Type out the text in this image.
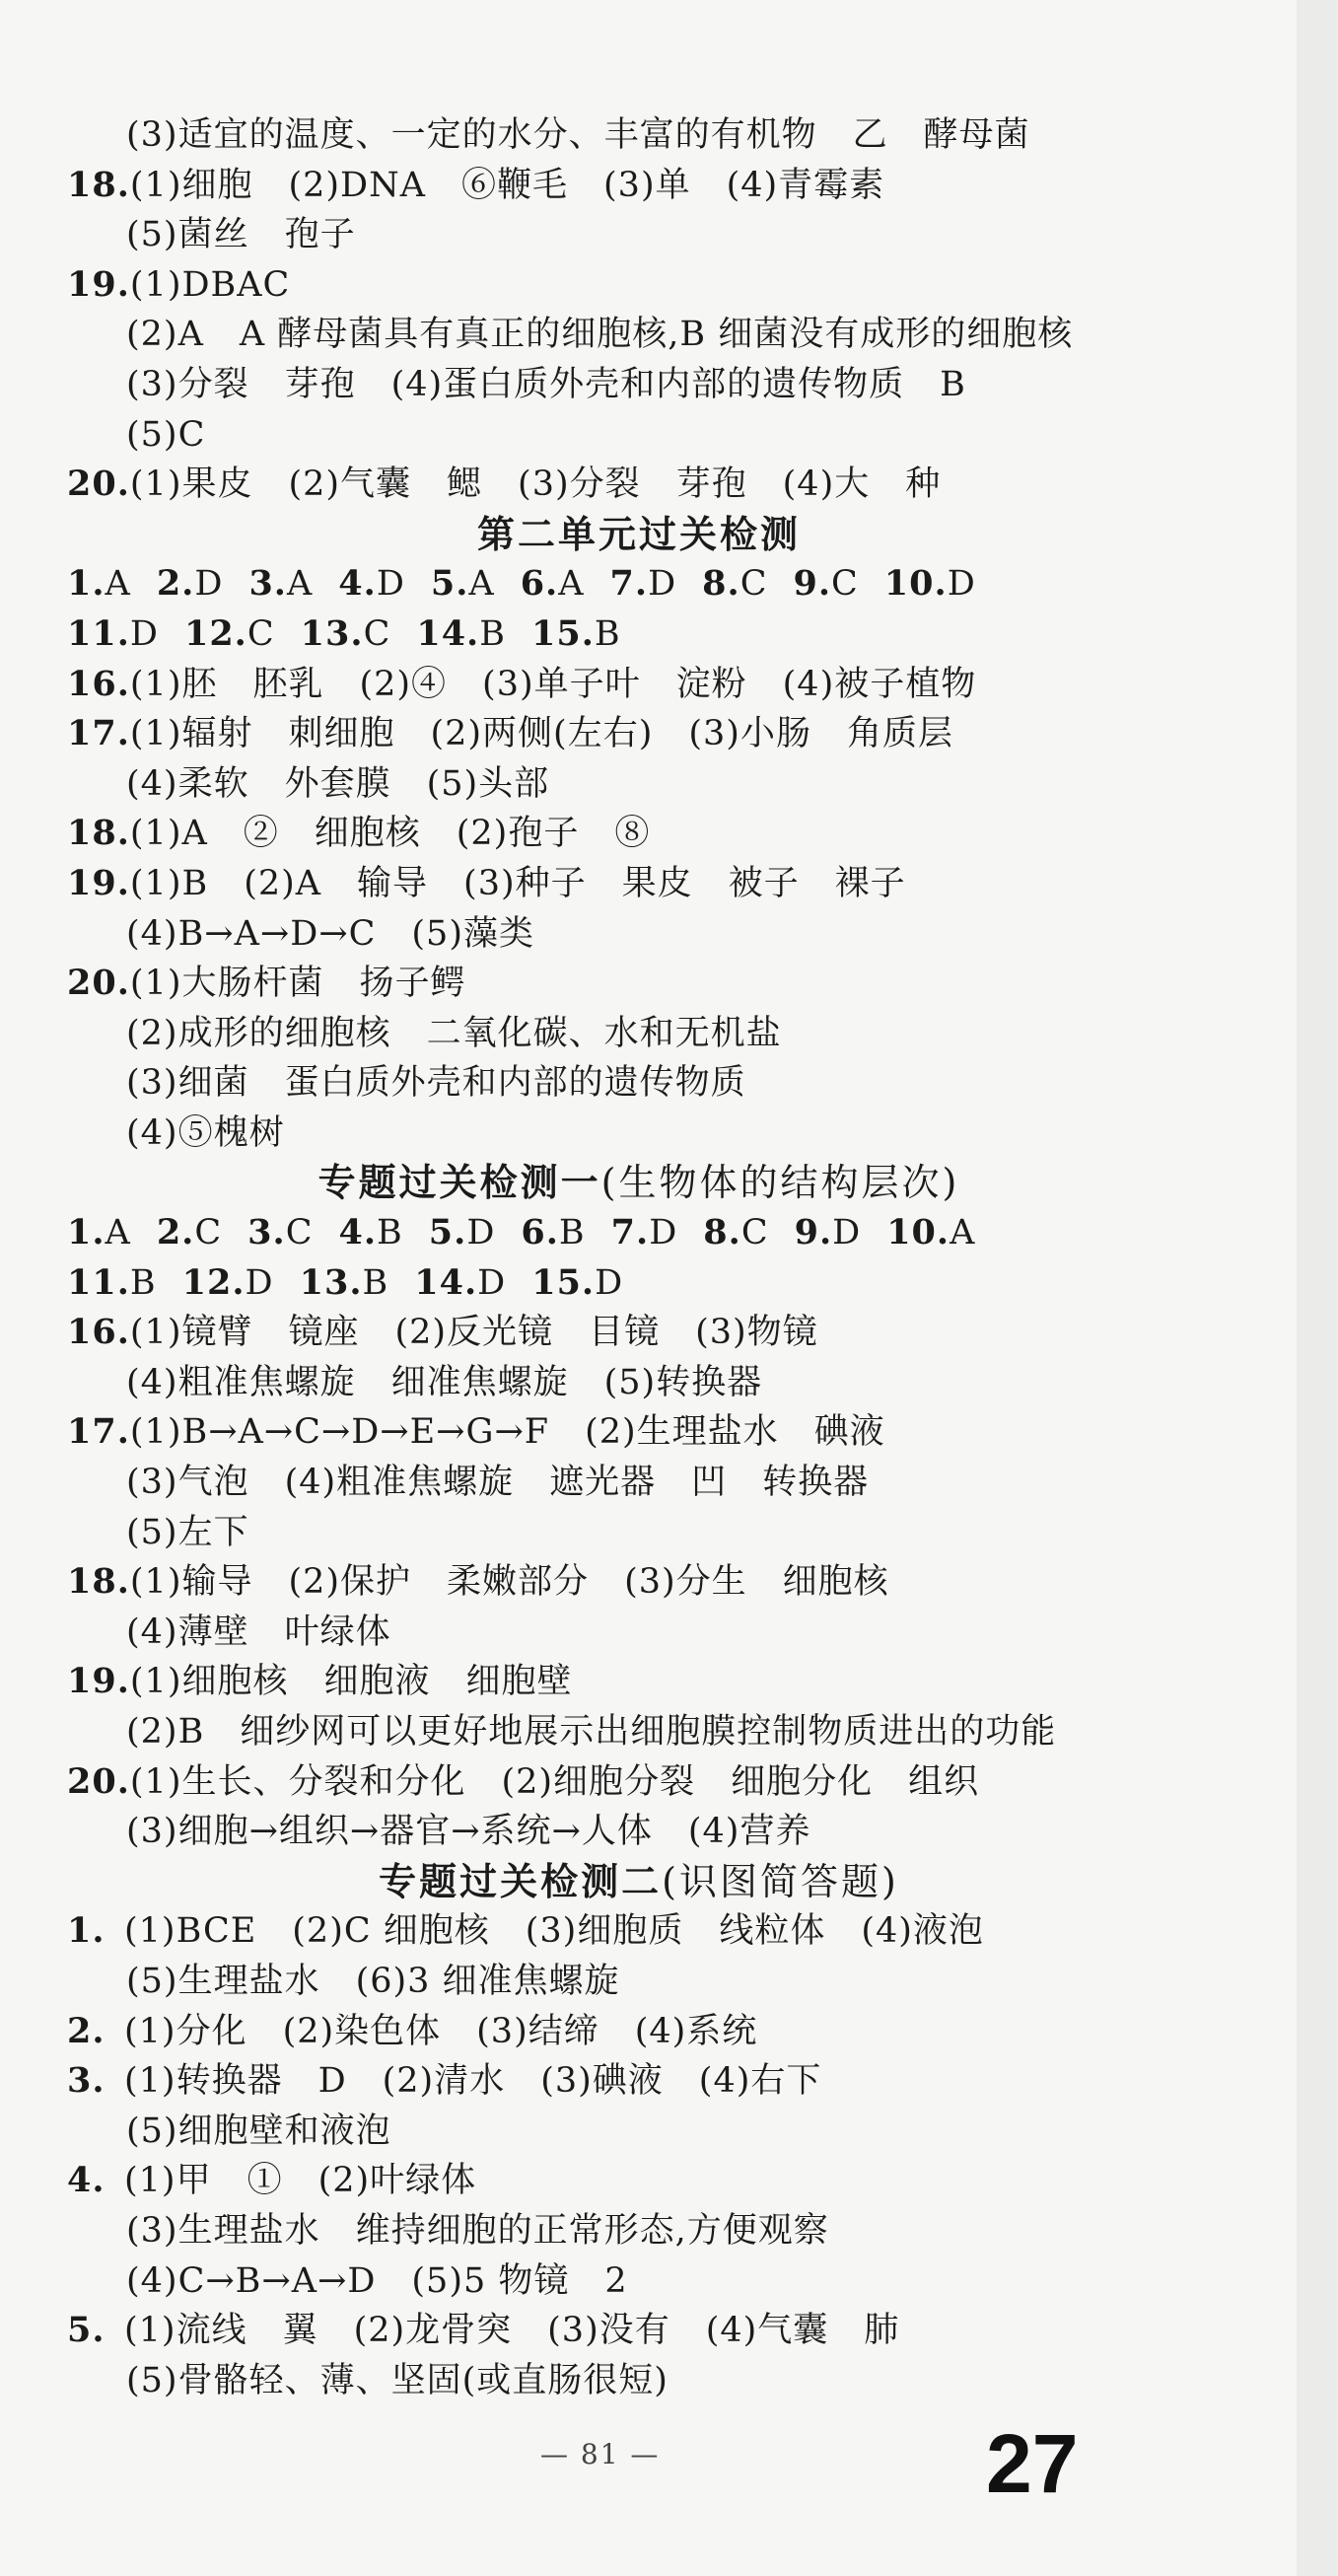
(3)适宜的温度、一定的水分、丰富的有机物　乙　酵母菌
18.(1)细胞　(2)DNA　⑥鞭毛　(3)单　(4)青霉素
(5)菌丝　孢子
19.(1)DBAC
(2)A　A 酵母菌具有真正的细胞核,B 细菌没有成形的细胞核
(3)分裂　芽孢　(4)蛋白质外壳和内部的遗传物质　B
(5)C
20.(1)果皮　(2)气囊　鳃　(3)分裂　芽孢　(4)大　种
第二单元过关检测
1.A 2.D 3.A 4.D 5.A 6.A 7.D 8.C 9.C 10.D
11.D 12.C 13.C 14.B 15.B
16.(1)胚　胚乳　(2)④　(3)单子叶　淀粉　(4)被子植物
17.(1)辐射　刺细胞　(2)两侧(左右)　(3)小肠　角质层
(4)柔软　外套膜　(5)头部
18.(1)A　②　细胞核　(2)孢子　⑧
19.(1)B　(2)A　输导　(3)种子　果皮　被子　裸子
(4)B→A→D→C　(5)藻类
20.(1)大肠杆菌　扬子鳄
(2)成形的细胞核　二氧化碳、水和无机盐
(3)细菌　蛋白质外壳和内部的遗传物质
(4)⑤槐树
专题过关检测一(生物体的结构层次)
1.A 2.C 3.C 4.B 5.D 6.B 7.D 8.C 9.D 10.A
11.B 12.D 13.B 14.D 15.D
16.(1)镜臂　镜座　(2)反光镜　目镜　(3)物镜
(4)粗准焦螺旋　细准焦螺旋　(5)转换器
17.(1)B→A→C→D→E→G→F　(2)生理盐水　碘液
(3)气泡　(4)粗准焦螺旋　遮光器　凹　转换器
(5)左下
18.(1)输导　(2)保护　柔嫩部分　(3)分生　细胞核
(4)薄壁　叶绿体
19.(1)细胞核　细胞液　细胞壁
(2)B　细纱网可以更好地展示出细胞膜控制物质进出的功能
20.(1)生长、分裂和分化　(2)细胞分裂　细胞分化　组织
(3)细胞→组织→器官→系统→人体　(4)营养
专题过关检测二(识图简答题)
1. (1)BCE　(2)C 细胞核　(3)细胞质　线粒体　(4)液泡
(5)生理盐水　(6)3 细准焦螺旋
2. (1)分化　(2)染色体　(3)结缔　(4)系统
3. (1)转换器　D　(2)清水　(3)碘液　(4)右下
(5)细胞壁和液泡
4. (1)甲　①　(2)叶绿体
(3)生理盐水　维持细胞的正常形态,方便观察
(4)C→B→A→D　(5)5 物镜　2
5. (1)流线　翼　(2)龙骨突　(3)没有　(4)气囊　肺
(5)骨骼轻、薄、坚固(或直肠很短)
— 81 —	27
